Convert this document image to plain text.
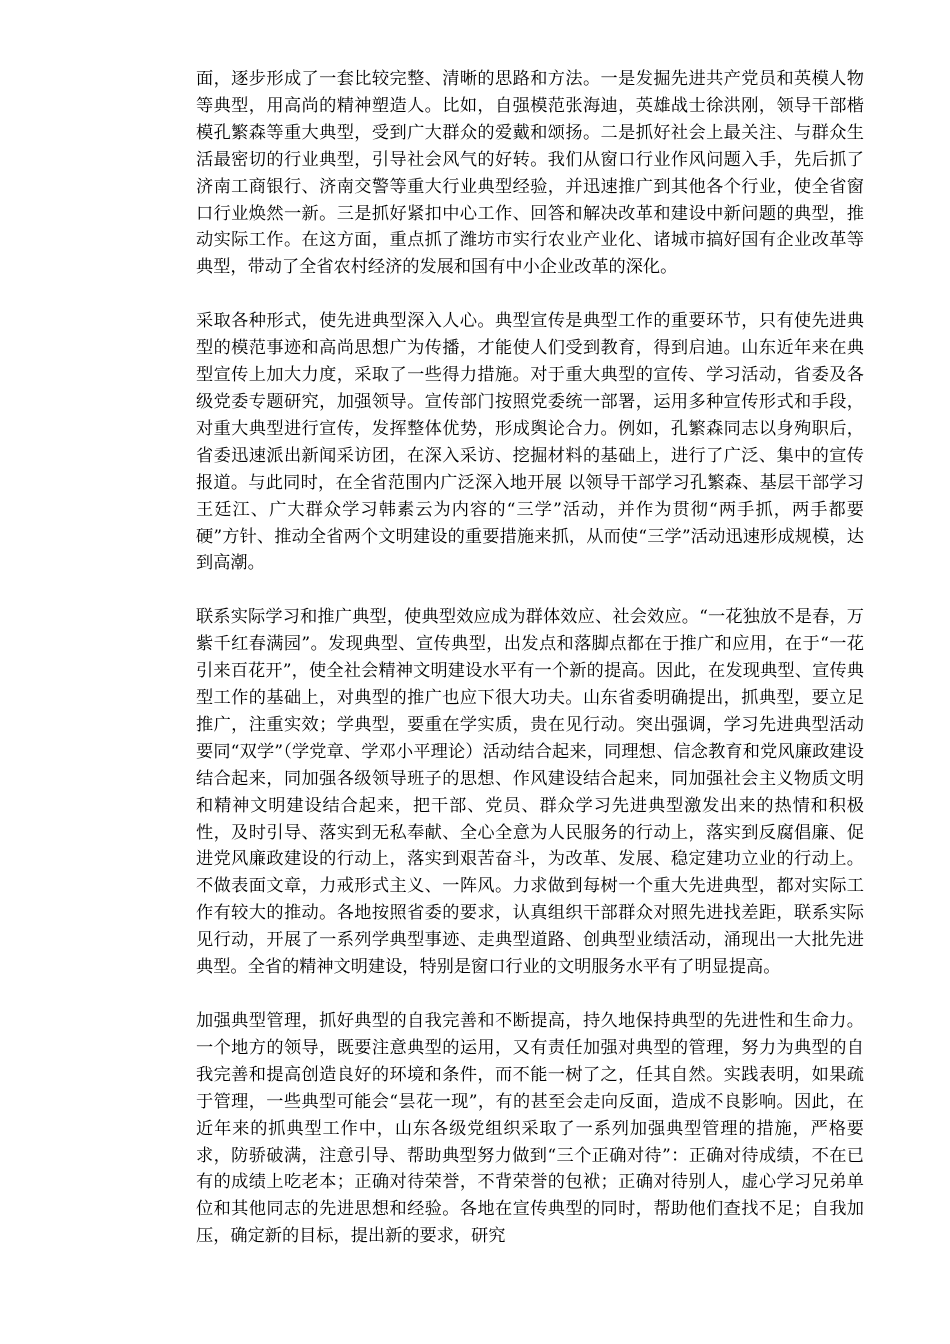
面，逐步形成了一套比较完整、清晰的思路和方法。一是发掘先进共产党员和英模人物等典型，用高尚的精神塑造人。比如，自强模范张海迪，英雄战士徐洪刚，领导干部楷模孔繁森等重大典型，受到广大群众的爱戴和颂扬。二是抓好社会上最关注、与群众生活最密切的行业典型，引导社会风气的好转。我们从窗口行业作风问题入手，先后抓了济南工商银行、济南交警等重大行业典型经验，并迅速推广到其他各个行业，使全省窗口行业焕然一新。三是抓好紧扣中心工作、回答和解决改革和建设中新问题的典型，推动实际工作。在这方面，重点抓了潍坊市实行农业产业化、诸城市搞好国有企业改革等典型，带动了全省农村经济的发展和国有中小企业改革的深化。

采取各种形式，使先进典型深入人心。典型宣传是典型工作的重要环节，只有使先进典型的模范事迹和高尚思想广为传播，才能使人们受到教育，得到启迪。山东近年来在典型宣传上加大力度，采取了一些得力措施。对于重大典型的宣传、学习活动，省委及各级党委专题研究，加强领导。宣传部门按照党委统一部署，运用多种宣传形式和手段，对重大典型进行宣传，发挥整体优势，形成舆论合力。例如，孔繁森同志以身殉职后，省委迅速派出新闻采访团，在深入采访、挖掘材料的基础上，进行了广泛、集中的宣传报道。与此同时，在全省范围内广泛深入地开展 以领导干部学习孔繁森、基层干部学习王廷江、广大群众学习韩素云为内容的“三学”活动，并作为贯彻“两手抓，两手都要硬”方针、推动全省两个文明建设的重要措施来抓，从而使“三学”活动迅速形成规模，达到高潮。

联系实际学习和推广典型，使典型效应成为群体效应、社会效应。“一花独放不是春，万紫千红春满园”。发现典型、宣传典型，出发点和落脚点都在于推广和应用，在于“一花引来百花开”，使全社会精神文明建设水平有一个新的提高。因此，在发现典型、宣传典型工作的基础上，对典型的推广也应下很大功夫。山东省委明确提出，抓典型，要立足推广，注重实效；学典型，要重在学实质，贵在见行动。突出强调，学习先进典型活动要同“双学”（学党章、学邓小平理论）活动结合起来，同理想、信念教育和党风廉政建设结合起来，同加强各级领导班子的思想、作风建设结合起来，同加强社会主义物质文明和精神文明建设结合起来，把干部、党员、群众学习先进典型激发出来的热情和积极性，及时引导、落实到无私奉献、全心全意为人民服务的行动上，落实到反腐倡廉、促进党风廉政建设的行动上，落实到艰苦奋斗，为改革、发展、稳定建功立业的行动上。不做表面文章，力戒形式主义、一阵风。力求做到每树一个重大先进典型，都对实际工作有较大的推动。各地按照省委的要求，认真组织干部群众对照先进找差距，联系实际见行动，开展了一系列学典型事迹、走典型道路、创典型业绩活动，涌现出一大批先进典型。全省的精神文明建设，特别是窗口行业的文明服务水平有了明显提高。

加强典型管理，抓好典型的自我完善和不断提高，持久地保持典型的先进性和生命力。一个地方的领导，既要注意典型的运用，又有责任加强对典型的管理，努力为典型的自我完善和提高创造良好的环境和条件，而不能一树了之，任其自然。实践表明，如果疏于管理，一些典型可能会“昙花一现”，有的甚至会走向反面，造成不良影响。因此，在近年来的抓典型工作中，山东各级党组织采取了一系列加强典型管理的措施，严格要求，防骄破满，注意引导、帮助典型努力做到“三个正确对待”：正确对待成绩，不在已有的成绩上吃老本；正确对待荣誉，不背荣誉的包袱；正确对待别人，虚心学习兄弟单位和其他同志的先进思想和经验。各地在宣传典型的同时，帮助他们查找不足；自我加压，确定新的目标，提出新的要求，研究
